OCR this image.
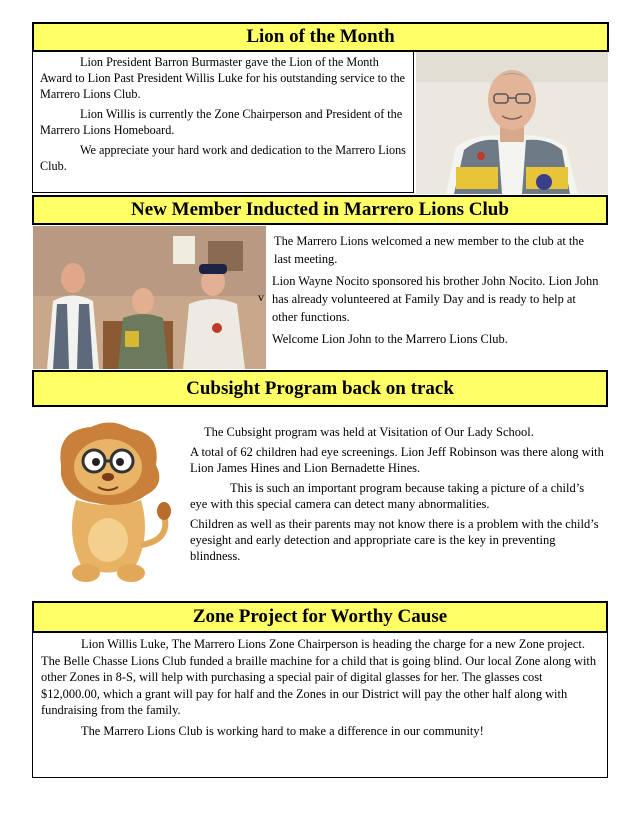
Lion of the Month

Lion President Barron Burmaster gave the Lion of the Month Award to Lion Past President Willis Luke for his outstanding service to the Marrero Lions Club.

Lion Willis is currently the Zone Chairperson and President of the Marrero Lions Homeboard.

We appreciate your hard work and dedication to the Marrero Lions Club.

New Member Inducted in Marrero Lions Club
v

The Marrero Lions welcomed a new member to the club at the last meeting.

Lion Wayne Nocito sponsored his brother John Nocito. Lion John has already volunteered at Family Day and is ready to help at other functions.

Welcome Lion John to the Marrero Lions Club.

Cubsight Program back on track

The Cubsight program was held at Visitation of Our Lady School.

A total of 62 children had eye screenings. Lion Jeff Robinson was there along with Lion James Hines and Lion Bernadette Hines.

This is such an important program because taking a picture of a child’s eye with this special camera can detect many abnormalities.

Children as well as their parents may not know there is a problem with the child’s eyesight and early detection and appropriate care is the key in preventing blindness.

Zone Project for Worthy Cause

Lion Willis Luke, The Marrero Lions Zone Chairperson is heading the charge for a new Zone project. The Belle Chasse Lions Club funded a braille machine for a child that is going blind. Our local Zone along with other Zones in 8-S, will help with purchasing a special pair of digital glasses for her. The glasses cost $12,000.00, which a grant will pay for half and the Zones in our District will pay the other half along with fundraising from the family.

The Marrero Lions Club is working hard to make a difference in our community!
